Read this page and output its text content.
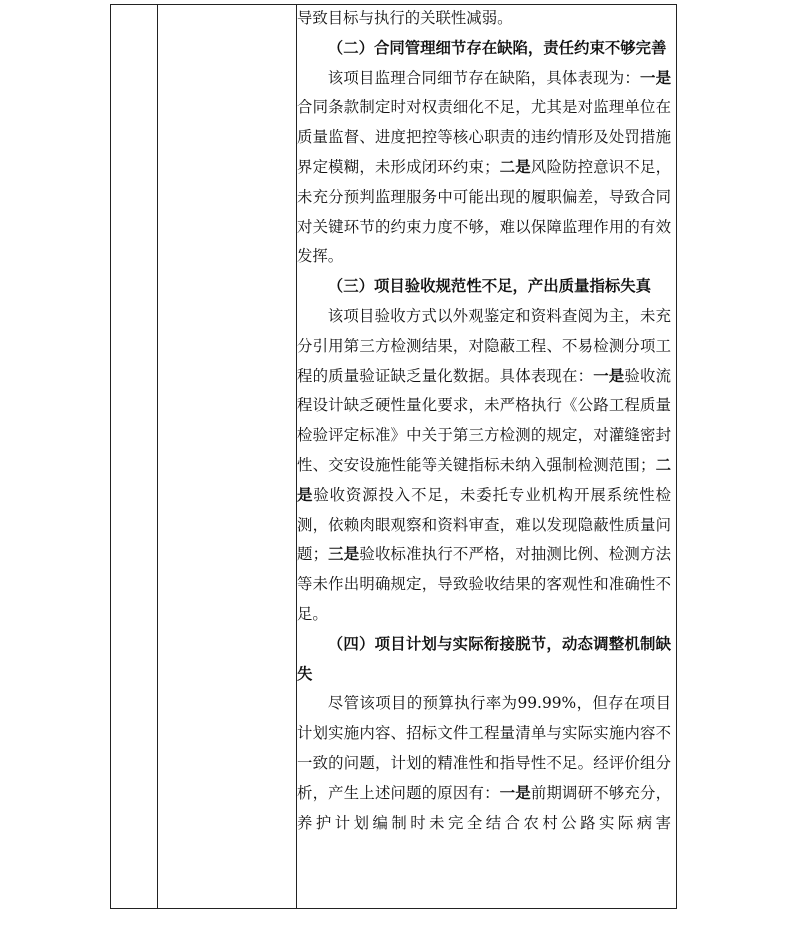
导致目标与执行的关联性减弱。

（二）合同管理细节存在缺陷，责任约束不够完善

该项目监理合同细节存在缺陷，具体表现为：一是合同条款制定时对权责细化不足，尤其是对监理单位在质量监督、进度把控等核心职责的违约情形及处罚措施界定模糊，未形成闭环约束；二是风险防控意识不足，未充分预判监理服务中可能出现的履职偏差，导致合同对关键环节的约束力度不够，难以保障监理作用的有效发挥。

（三）项目验收规范性不足，产出质量指标失真

该项目验收方式以外观鉴定和资料查阅为主，未充分引用第三方检测结果，对隐蔽工程、不易检测分项工程的质量验证缺乏量化数据。具体表现在：一是验收流程设计缺乏硬性量化要求，未严格执行《公路工程质量检验评定标准》中关于第三方检测的规定，对灌缝密封性、交安设施性能等关键指标未纳入强制检测范围；二是验收资源投入不足，未委托专业机构开展系统性检测，依赖肉眼观察和资料审查，难以发现隐蔽性质量问题；三是验收标准执行不严格，对抽测比例、检测方法等未作出明确规定，导致验收结果的客观性和准确性不足。

（四）项目计划与实际衔接脱节，动态调整机制缺失

尽管该项目的预算执行率为99.99%，但存在项目计划实施内容、招标文件工程量清单与实际实施内容不一致的问题，计划的精准性和指导性不足。经评价组分析，产生上述问题的原因有：一是前期调研不够充分，养护计划编制时未完全结合农村公路实际病害
